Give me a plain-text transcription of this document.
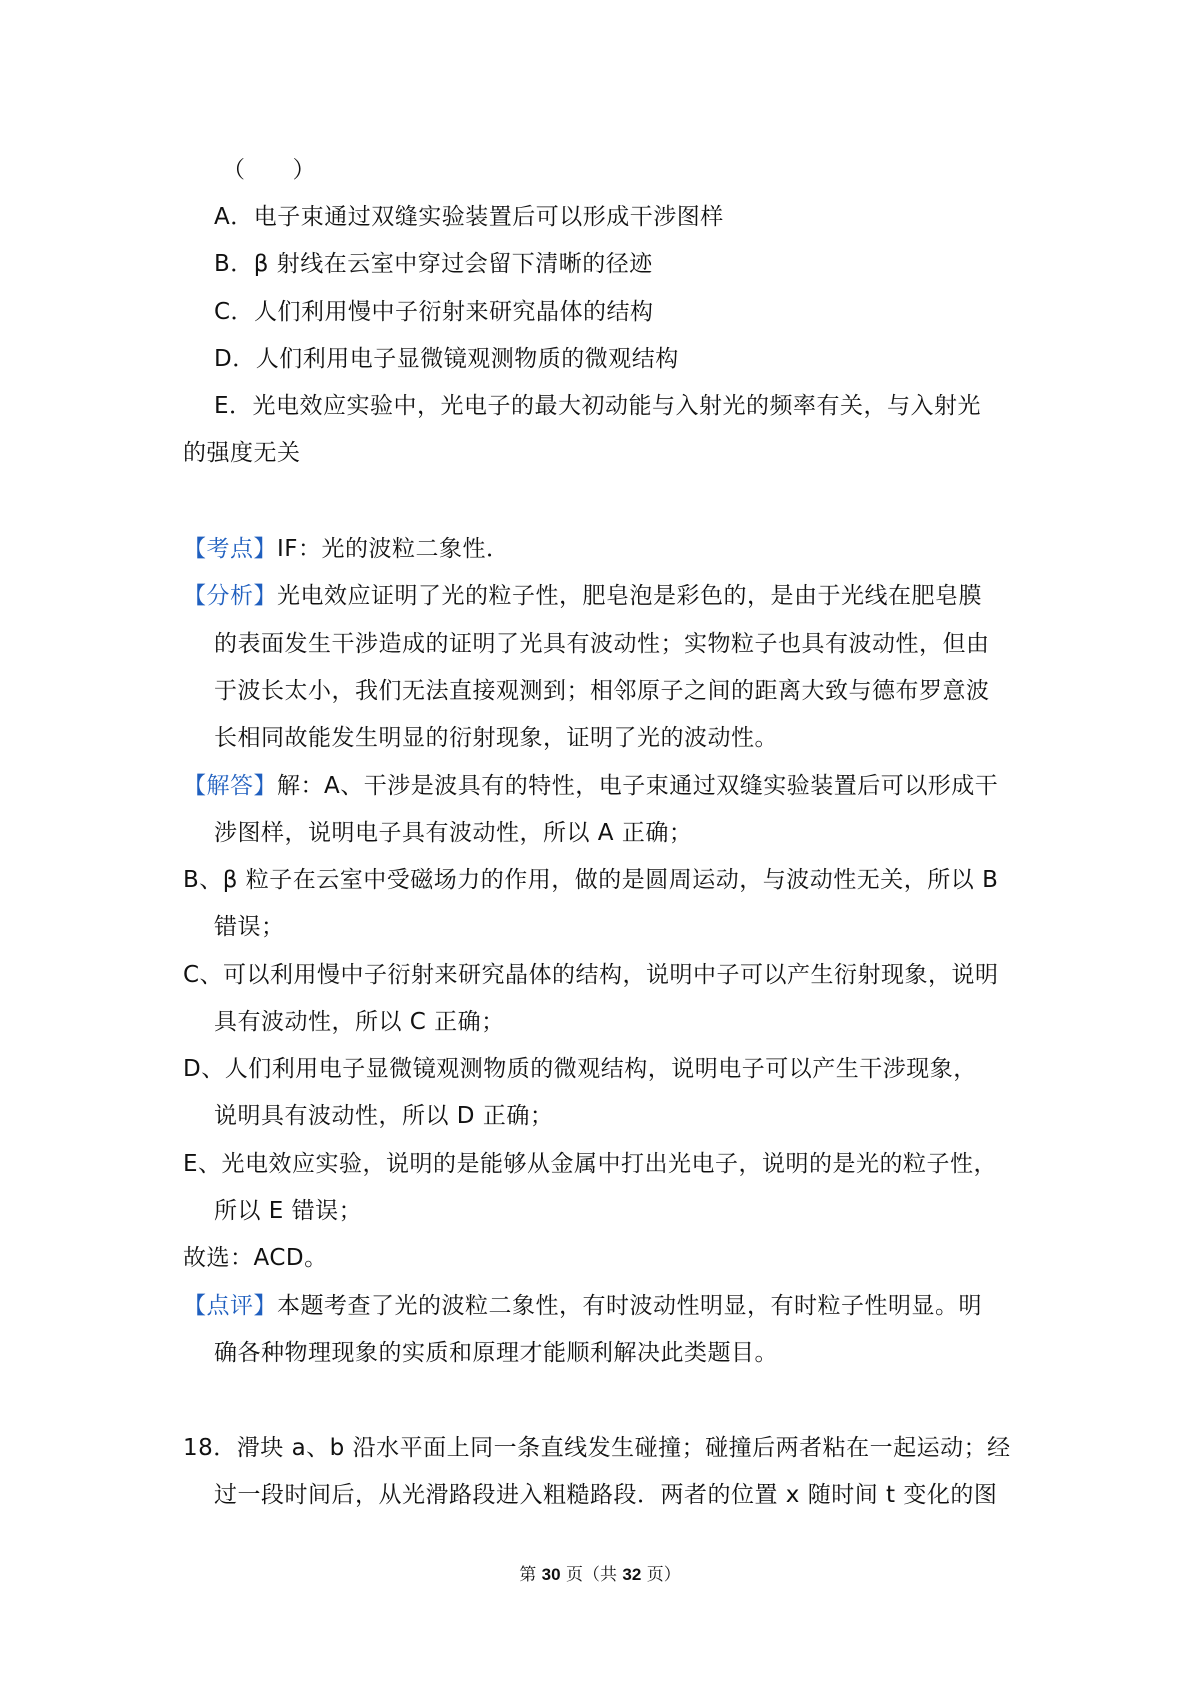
（　　）
A．电子束通过双缝实验装置后可以形成干涉图样
B．β 射线在云室中穿过会留下清晰的径迹
C．人们利用慢中子衍射来研究晶体的结构
D．人们利用电子显微镜观测物质的微观结构
E．光电效应实验中，光电子的最大初动能与入射光的频率有关，与入射光
的强度无关
【考点】IF：光的波粒二象性．
【分析】光电效应证明了光的粒子性，肥皂泡是彩色的，是由于光线在肥皂膜
的表面发生干涉造成的证明了光具有波动性；实物粒子也具有波动性，但由
于波长太小，我们无法直接观测到；相邻原子之间的距离大致与德布罗意波
长相同故能发生明显的衍射现象，证明了光的波动性。
【解答】解：A、干涉是波具有的特性，电子束通过双缝实验装置后可以形成干
涉图样，说明电子具有波动性，所以 A 正确；
B、β 粒子在云室中受磁场力的作用，做的是圆周运动，与波动性无关，所以 B
错误；
C、可以利用慢中子衍射来研究晶体的结构，说明中子可以产生衍射现象，说明
具有波动性，所以 C 正确；
D、人们利用电子显微镜观测物质的微观结构，说明电子可以产生干涉现象，
说明具有波动性，所以 D 正确；
E、光电效应实验，说明的是能够从金属中打出光电子，说明的是光的粒子性，
所以 E 错误；
故选：ACD。
【点评】本题考查了光的波粒二象性，有时波动性明显，有时粒子性明显。明
确各种物理现象的实质和原理才能顺利解决此类题目。
18．滑块 a、b 沿水平面上同一条直线发生碰撞；碰撞后两者粘在一起运动；经
过一段时间后，从光滑路段进入粗糙路段．两者的位置 x 随时间 t 变化的图
第 30 页（共 32 页）
